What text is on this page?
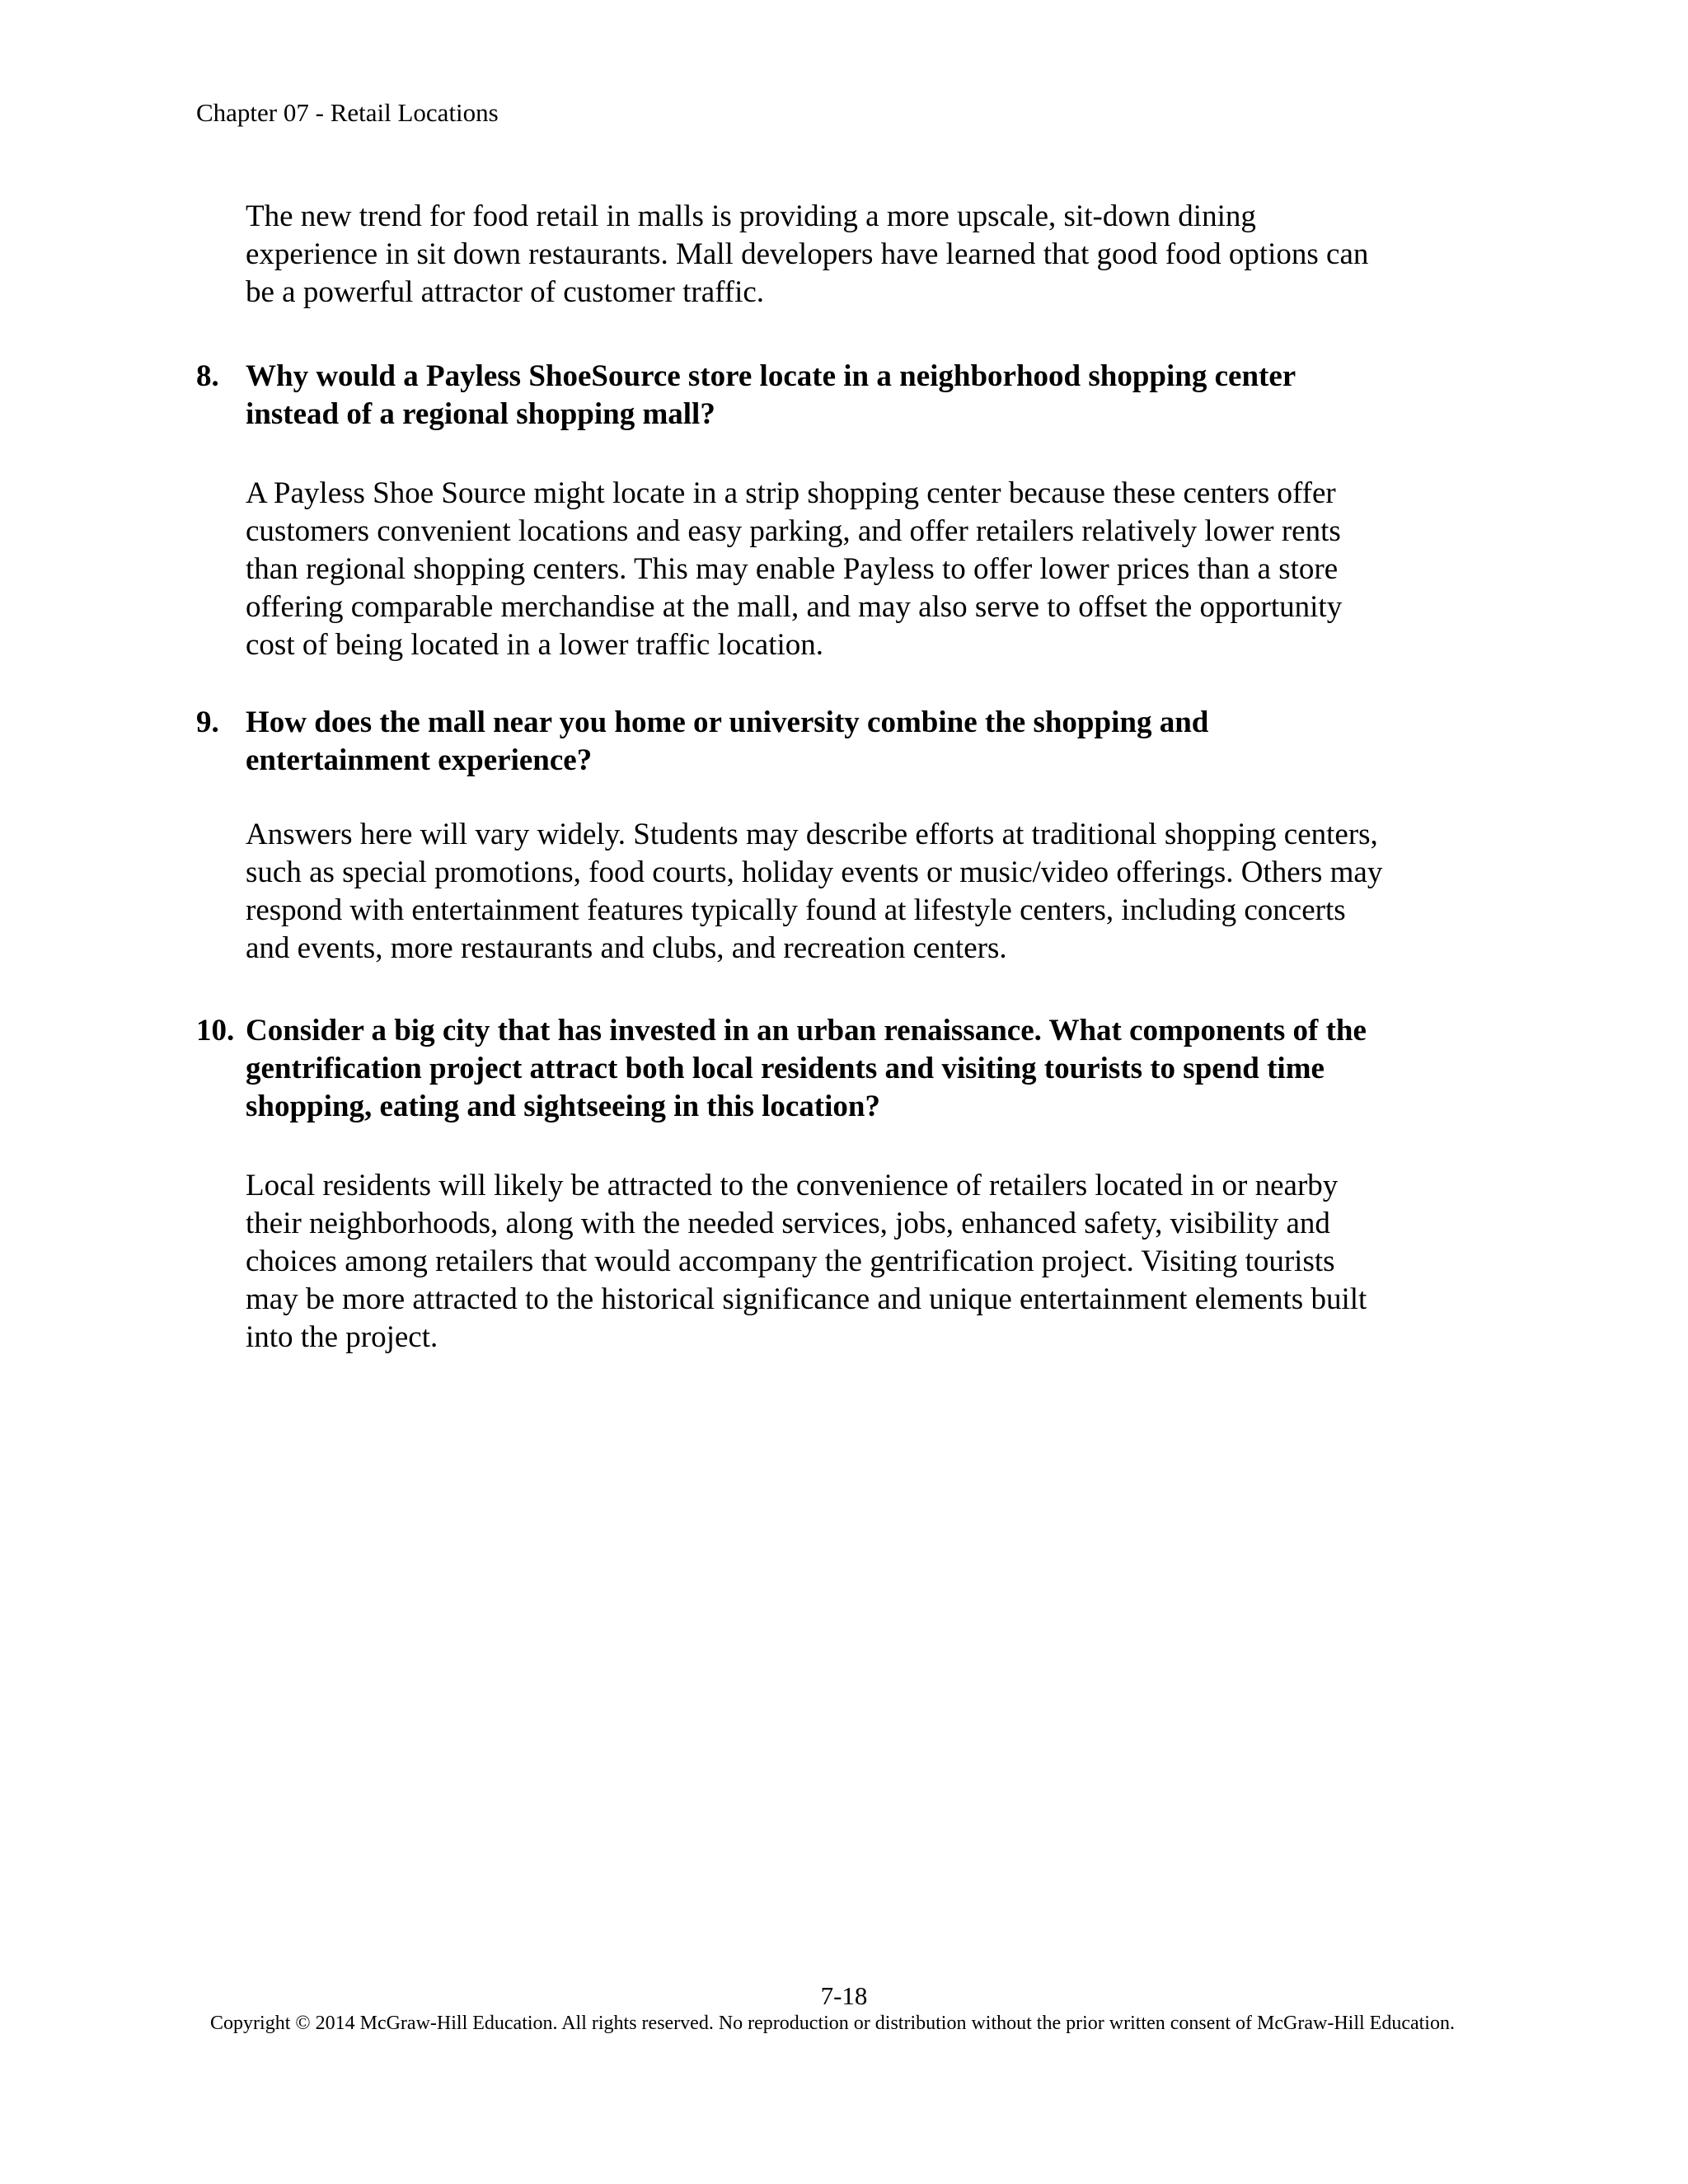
Chapter 07 - Retail Locations
The new trend for food retail in malls is providing a more upscale, sit-down dining
experience in sit down restaurants. Mall developers have learned that good food options can
be a powerful attractor of customer traffic.
8. Why would a Payless ShoeSource store locate in a neighborhood shopping center
instead of a regional shopping mall?
A Payless Shoe Source might locate in a strip shopping center because these centers offer
customers convenient locations and easy parking, and offer retailers relatively lower rents
than regional shopping centers. This may enable Payless to offer lower prices than a store
offering comparable merchandise at the mall, and may also serve to offset the opportunity
cost of being located in a lower traffic location.
9. How does the mall near you home or university combine the shopping and
entertainment experience?
Answers here will vary widely. Students may describe efforts at traditional shopping centers,
such as special promotions, food courts, holiday events or music/video offerings. Others may
respond with entertainment features typically found at lifestyle centers, including concerts
and events, more restaurants and clubs, and recreation centers.
10. Consider a big city that has invested in an urban renaissance. What components of the
gentrification project attract both local residents and visiting tourists to spend time
shopping, eating and sightseeing in this location?
Local residents will likely be attracted to the convenience of retailers located in or nearby
their neighborhoods, along with the needed services, jobs, enhanced safety, visibility and
choices among retailers that would accompany the gentrification project. Visiting tourists
may be more attracted to the historical significance and unique entertainment elements built
into the project.
7-18
Copyright © 2014 McGraw-Hill Education. All rights reserved. No reproduction or distribution without the prior written consent of McGraw-Hill Education.
